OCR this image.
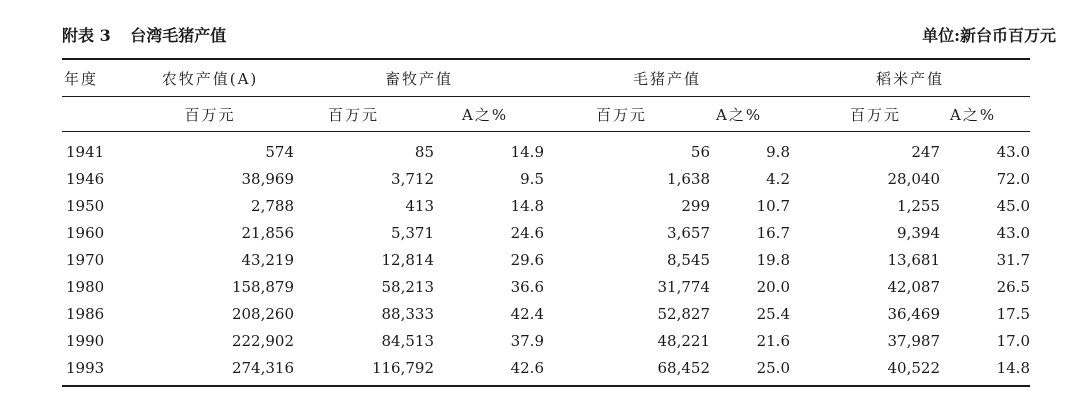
附表 3 台湾毛猪产值	单位:新台币百万元
年度	农牧产值(A)	畜牧产值		毛猪产值		稻米产值	
	百万元	百万元	A之%	百万元	A之%	百万元	A之%
1941	574	85	14.9	56	9.8	247	43.0
1946	38,969	3,712	9.5	1,638	4.2	28,040	72.0
1950	2,788	413	14.8	299	10.7	1,255	45.0
1960	21,856	5,371	24.6	3,657	16.7	9,394	43.0
1970	43,219	12,814	29.6	8,545	19.8	13,681	31.7
1980	158,879	58,213	36.6	31,774	20.0	42,087	26.5
1986	208,260	88,333	42.4	52,827	25.4	36,469	17.5
1990	222,902	84,513	37.9	48,221	21.6	37,987	17.0
1993	274,316	116,792	42.6	68,452	25.0	40,522	14.8
